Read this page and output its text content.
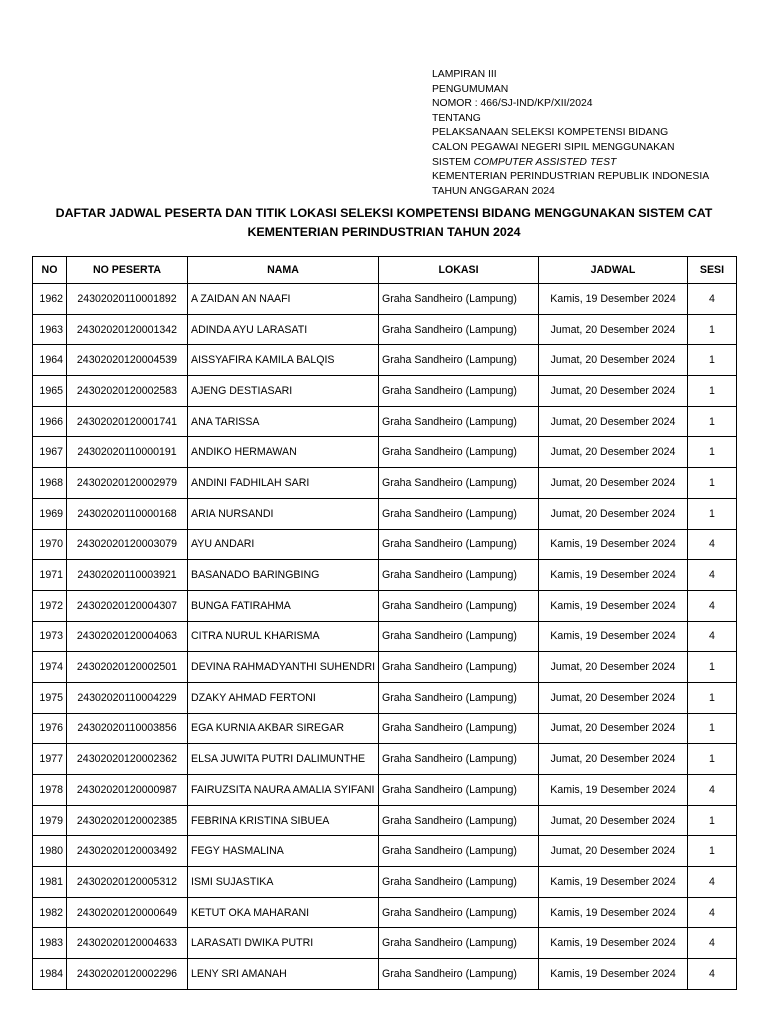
LAMPIRAN III
PENGUMUMAN
NOMOR : 466/SJ-IND/KP/XII/2024
TENTANG
PELAKSANAAN SELEKSI KOMPETENSI BIDANG
CALON PEGAWAI NEGERI SIPIL MENGGUNAKAN
SISTEM COMPUTER ASSISTED TEST
KEMENTERIAN PERINDUSTRIAN REPUBLIK INDONESIA
TAHUN ANGGARAN 2024
DAFTAR JADWAL PESERTA DAN TITIK LOKASI SELEKSI KOMPETENSI BIDANG MENGGUNAKAN SISTEM CAT
KEMENTERIAN PERINDUSTRIAN TAHUN 2024
NO	NO PESERTA	NAMA	LOKASI	JADWAL	SESI
1962	24302020110001892	A ZAIDAN AN NAAFI	Graha Sandheiro (Lampung)	Kamis, 19 Desember 2024	4
1963	24302020120001342	ADINDA AYU LARASATI	Graha Sandheiro (Lampung)	Jumat, 20 Desember 2024	1
1964	24302020120004539	AISSYAFIRA KAMILA BALQIS	Graha Sandheiro (Lampung)	Jumat, 20 Desember 2024	1
1965	24302020120002583	AJENG DESTIASARI	Graha Sandheiro (Lampung)	Jumat, 20 Desember 2024	1
1966	24302020120001741	ANA TARISSA	Graha Sandheiro (Lampung)	Jumat, 20 Desember 2024	1
1967	24302020110000191	ANDIKO HERMAWAN	Graha Sandheiro (Lampung)	Jumat, 20 Desember 2024	1
1968	24302020120002979	ANDINI FADHILAH SARI	Graha Sandheiro (Lampung)	Jumat, 20 Desember 2024	1
1969	24302020110000168	ARIA NURSANDI	Graha Sandheiro (Lampung)	Jumat, 20 Desember 2024	1
1970	24302020120003079	AYU ANDARI	Graha Sandheiro (Lampung)	Kamis, 19 Desember 2024	4
1971	24302020110003921	BASANADO BARINGBING	Graha Sandheiro (Lampung)	Kamis, 19 Desember 2024	4
1972	24302020120004307	BUNGA FATIRAHMA	Graha Sandheiro (Lampung)	Kamis, 19 Desember 2024	4
1973	24302020120004063	CITRA NURUL KHARISMA	Graha Sandheiro (Lampung)	Kamis, 19 Desember 2024	4
1974	24302020120002501	DEVINA RAHMADYANTHI SUHENDRI	Graha Sandheiro (Lampung)	Jumat, 20 Desember 2024	1
1975	24302020110004229	DZAKY AHMAD FERTONI	Graha Sandheiro (Lampung)	Jumat, 20 Desember 2024	1
1976	24302020110003856	EGA KURNIA AKBAR SIREGAR	Graha Sandheiro (Lampung)	Jumat, 20 Desember 2024	1
1977	24302020120002362	ELSA JUWITA PUTRI DALIMUNTHE	Graha Sandheiro (Lampung)	Jumat, 20 Desember 2024	1
1978	24302020120000987	FAIRUZSITA NAURA AMALIA SYIFANI	Graha Sandheiro (Lampung)	Kamis, 19 Desember 2024	4
1979	24302020120002385	FEBRINA KRISTINA SIBUEA	Graha Sandheiro (Lampung)	Jumat, 20 Desember 2024	1
1980	24302020120003492	FEGY HASMALINA	Graha Sandheiro (Lampung)	Jumat, 20 Desember 2024	1
1981	24302020120005312	ISMI SUJASTIKA	Graha Sandheiro (Lampung)	Kamis, 19 Desember 2024	4
1982	24302020120000649	KETUT OKA MAHARANI	Graha Sandheiro (Lampung)	Kamis, 19 Desember 2024	4
1983	24302020120004633	LARASATI DWIKA PUTRI	Graha Sandheiro (Lampung)	Kamis, 19 Desember 2024	4
1984	24302020120002296	LENY SRI AMANAH	Graha Sandheiro (Lampung)	Kamis, 19 Desember 2024	4
